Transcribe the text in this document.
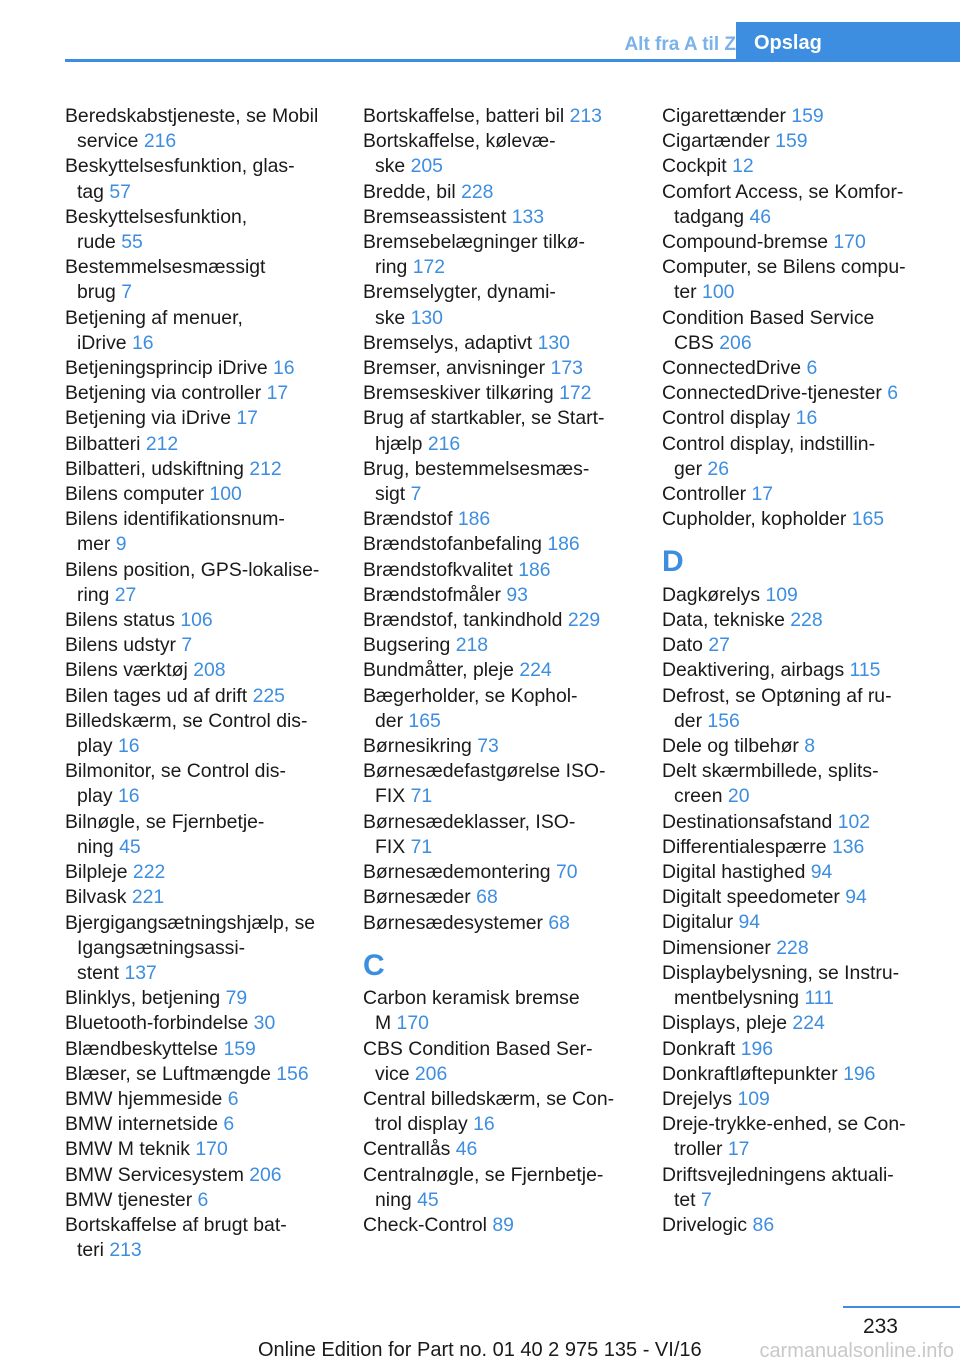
Alt fra A til Z Opslag
Beredskabstjeneste, se Mobil
service 216
Beskyttelsesfunktion, glas-
tag 57
Beskyttelsesfunktion,
rude 55
Bestemmelsesmæssigt
brug 7
Betjening af menuer,
iDrive 16
Betjeningsprincip iDrive 16
Betjening via controller 17
Betjening via iDrive 17
Bilbatteri 212
Bilbatteri, udskiftning 212
Bilens computer 100
Bilens identifikationsnum-
mer 9
Bilens position, GPS-lokalise-
ring 27
Bilens status 106
Bilens udstyr 7
Bilens værktøj 208
Bilen tages ud af drift 225
Billedskærm, se Control dis-
play 16
Bilmonitor, se Control dis-
play 16
Bilnøgle, se Fjernbetje-
ning 45
Bilpleje 222
Bilvask 221
Bjergigangsætningshjælp, se
Igangsætningsassi-
stent 137
Blinklys, betjening 79
Bluetooth-forbindelse 30
Blændbeskyttelse 159
Blæser, se Luftmængde 156
BMW hjemmeside 6
BMW internetside 6
BMW M teknik 170
BMW Servicesystem 206
BMW tjenester 6
Bortskaffelse af brugt bat-
teri 213
Bortskaffelse, batteri bil 213
Bortskaffelse, kølevæ-
ske 205
Bredde, bil 228
Bremseassistent 133
Bremsebelægninger tilkø-
ring 172
Bremselygter, dynami-
ske 130
Bremselys, adaptivt 130
Bremser, anvisninger 173
Bremseskiver tilkøring 172
Brug af startkabler, se Start-
hjælp 216
Brug, bestemmelsesmæs-
sigt 7
Brændstof 186
Brændstofanbefaling 186
Brændstofkvalitet 186
Brændstofmåler 93
Brændstof, tankindhold 229
Bugsering 218
Bundmåtter, pleje 224
Bægerholder, se Kophol-
der 165
Børnesikring 73
Børnesædefastgørelse ISO-
FIX 71
Børnesædeklasser, ISO-
FIX 71
Børnesædemontering 70
Børnesæder 68
Børnesædesystemer 68
C
Carbon keramisk bremse
M 170
CBS Condition Based Ser-
vice 206
Central billedskærm, se Con-
trol display 16
Centrallås 46
Centralnøgle, se Fjernbetje-
ning 45
Check-Control 89
Cigarettænder 159
Cigartænder 159
Cockpit 12
Comfort Access, se Komfor-
tadgang 46
Compound-bremse 170
Computer, se Bilens compu-
ter 100
Condition Based Service
CBS 206
ConnectedDrive 6
ConnectedDrive-tjenester 6
Control display 16
Control display, indstillin-
ger 26
Controller 17
Cupholder, kopholder 165
D
Dagkørelys 109
Data, tekniske 228
Dato 27
Deaktivering, airbags 115
Defrost, se Optøning af ru-
der 156
Dele og tilbehør 8
Delt skærmbillede, splits-
creen 20
Destinationsafstand 102
Differentialespærre 136
Digital hastighed 94
Digitalt speedometer 94
Digitalur 94
Dimensioner 228
Displaybelysning, se Instru-
mentbelysning 111
Displays, pleje 224
Donkraft 196
Donkraftløftepunkter 196
Drejelys 109
Dreje-trykke-enhed, se Con-
troller 17
Driftsvejledningens aktuali-
tet 7
Drivelogic 86
233
Online Edition for Part no. 01 40 2 975 135 - VI/16	carmanualsonline.info
